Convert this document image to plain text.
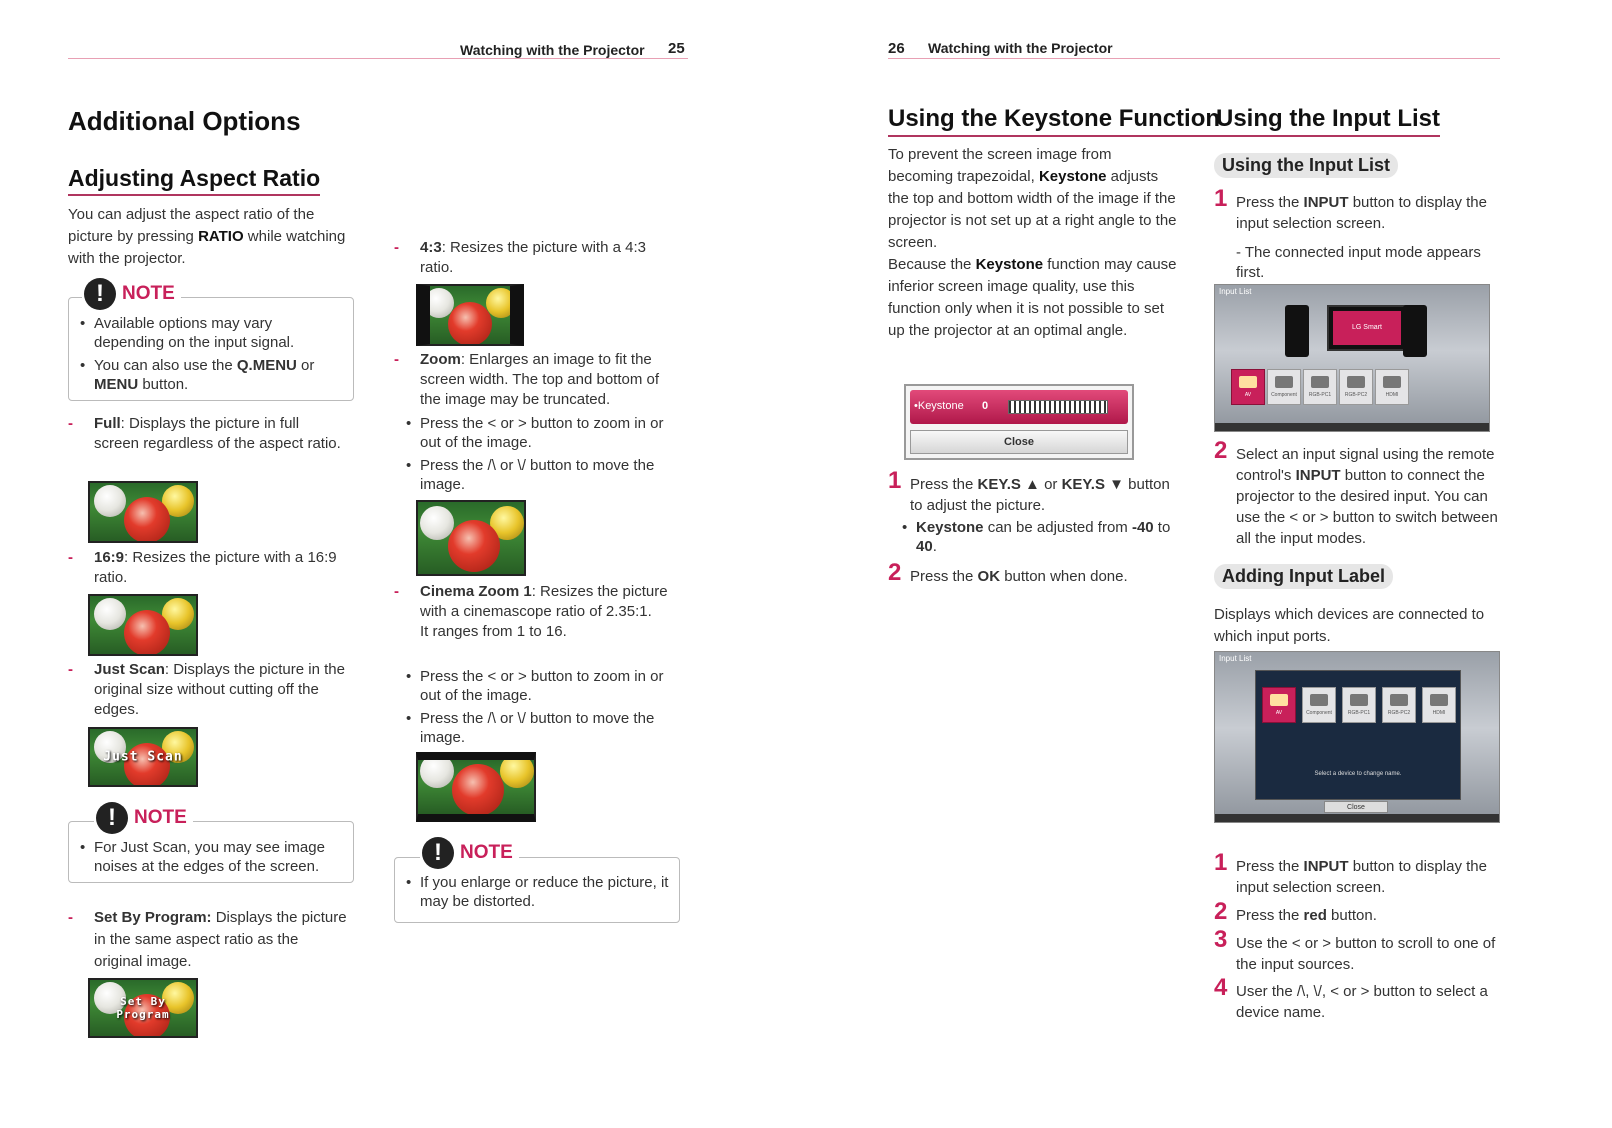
Watching with the Projector 25
Additional Options
Adjusting Aspect Ratio
You can adjust the aspect ratio of the picture by pressing RATIO while watching with the projector.
! NOTE
• Available options may vary depending on the input signal.
• You can also use the Q.MENU or MENU button.
- Full: Displays the picture in full screen regardless of the aspect ratio.
- 16:9: Resizes the picture with a 16:9 ratio.
- Just Scan: Displays the picture in the original size without cutting off the edges.
Just Scan
! NOTE
• For Just Scan, you may see image noises at the edges of the screen.
- Set By Program: Displays the picture in the same aspect ratio as the original image.
Set By Program
- 4:3: Resizes the picture with a 4:3 ratio.
- Zoom: Enlarges an image to fit the screen width. The top and bottom of the image may be truncated.
• Press the < or > button to zoom in or out of the image.
• Press the /\ or \/ button to move the image.
- Cinema Zoom 1: Resizes the picture with a cinemascope ratio of 2.35:1.
It ranges from 1 to 16.
• Press the < or > button to zoom in or out of the image.
• Press the /\ or \/ button to move the image.
! NOTE
• If you enlarge or reduce the picture, it may be distorted.
26 Watching with the Projector
Using the Keystone Function
To prevent the screen image from becoming trapezoidal, Keystone adjusts the top and bottom width of the image if the projector is not set up at a right angle to the screen.
Because the Keystone function may cause inferior screen image quality, use this function only when it is not possible to set up the projector at an optimal angle.
•Keystone 0
Close
1 Press the KEY.S ▲ or KEY.S ▼ button to adjust the picture.
• Keystone can be adjusted from -40 to 40.
2 Press the OK button when done.
Using the Input List
Using the Input List
1 Press the INPUT button to display the input selection screen.
- The connected input mode appears first.
Input List
LG Smart
AV	Component	RGB-PC1	RGB-PC2	HDMI
2 Select an input signal using the remote control's INPUT button to connect the projector to the desired input. You can use the < or > button to switch between all the input modes.
Adding Input Label
Displays which devices are connected to which input ports.
Input List
AV	Component	RGB-PC1	RGB-PC2	HDMI
Select a device to change name.
Close
1 Press the INPUT button to display the input selection screen.
2 Press the red button.
3 Use the < or > button to scroll to one of the input sources.
4 User the /\, \/, < or > button to select a device name.
